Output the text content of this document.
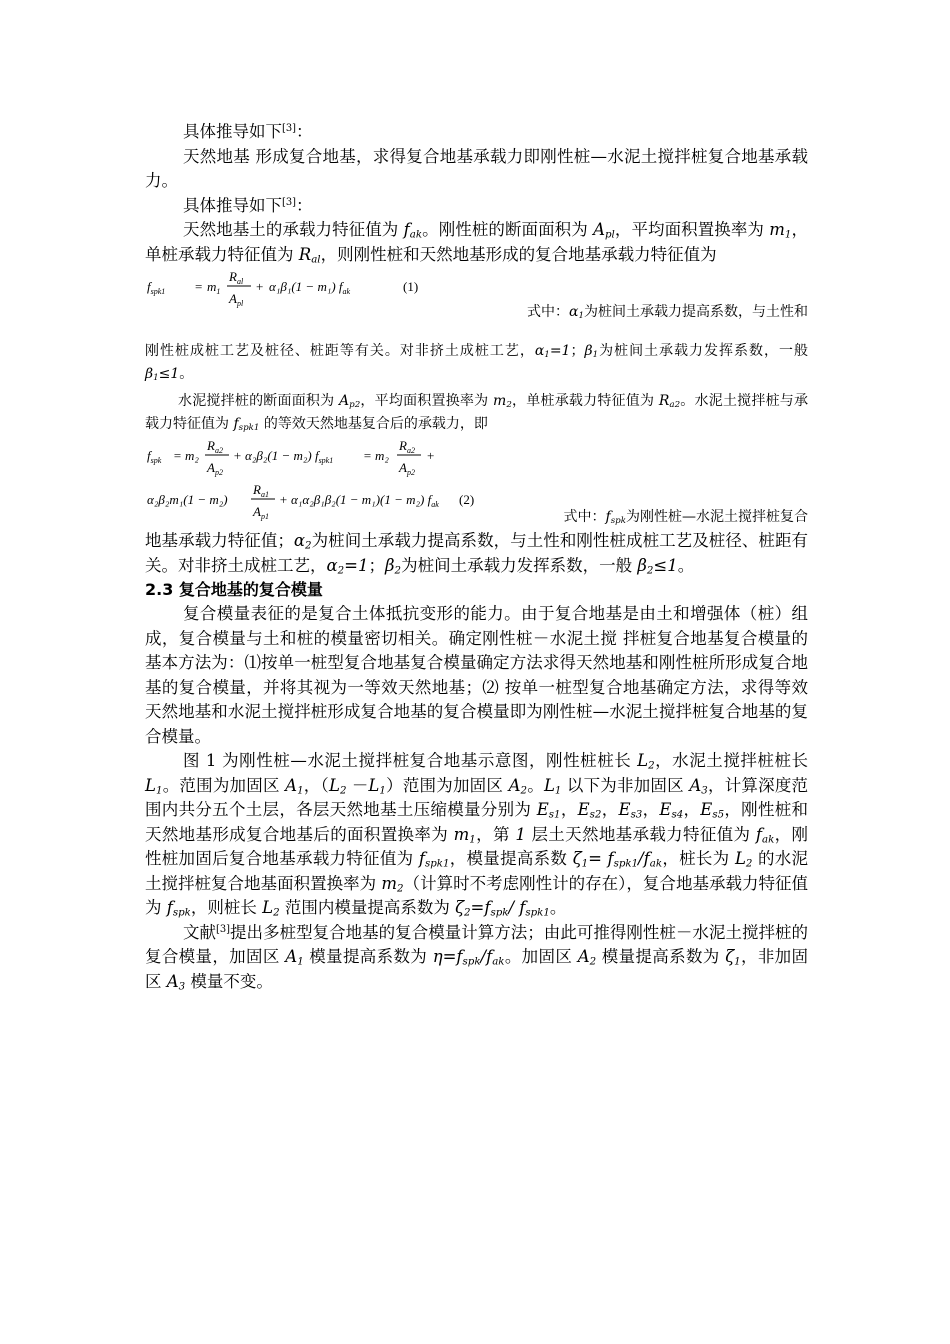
具体推导如下[3]：

天然地基 形成复合地基，求得复合地基承载力即刚性桩—水泥土搅拌桩复合地基承载力。

具体推导如下[3]：

天然地基土的承载力特征值为 $f_{ak}$。刚性桩的断面面积为 $A_{pl}$，平均面积置换率为 $m_1$，单桩承载力特征值为 $R_{al}$，则刚性桩和天然地基形成的复合地基承载力特征值为

$f_{spk1} = m_1$
$R_{al}$
$A_{pl}$
+ α₁β₁(1 − m₁) $f_{ak}$	(1)

式中：$\alpha_1$为桩间土承载力提高系数，与土性和

刚性桩成桩工艺及桩径、桩距等有关。对非挤土成桩工艺，$\alpha_1=1$；$\beta_1$为桩间土承载力发挥系数，一般 $\beta_1\le 1$。

水泥搅拌桩的断面面积为 $A_{p2}$，平均面积置换率为 $m_2$，单桩承载力特征值为 $R_{a2}$。水泥土搅拌桩与承载力特征值为 $f_{spk1}$ 的等效天然地基复合后的承载力，即

$f_{spk} = m_2$
$R_{a2}$
$A_{p2}$
+ α₂β₂(1 − m₂) $f_{spk1} = m_2$
$R_{a2}$
$A_{p2}$
+
α₂β₂m₁(1 − m₂)
$R_{a1}$
$A_{p1}$
+ α₁α₂β₁β₂(1 − m₁)(1 − m₂) $f_{ak}$ (2)

式中：$f_{spk}$为刚性桩—水泥土搅拌桩复合

地基承载力特征值；$\alpha_2$为桩间土承载力提高系数，与土性和刚性桩成桩工艺及桩径、桩距有关。对非挤土成桩工艺，$\alpha_2=1$；$\beta_2$为桩间土承载力发挥系数，一般 $\beta_2\le 1$。

2.3 复合地基的复合模量

复合模量表征的是复合土体抵抗变形的能力。由于复合地基是由土和增强体（桩）组成，复合模量与土和桩的模量密切相关。确定刚性桩－水泥土搅 拌桩复合地基复合模量的基本方法为：⑴按单一桩型复合地基复合模量确定方法求得天然地基和刚性桩所形成复合地基的复合模量，并将其视为一等效天然地基；⑵ 按单一桩型复合地基确定方法，求得等效天然地基和水泥土搅拌桩形成复合地基的复合模量即为刚性桩—水泥土搅拌桩复合地基的复合模量。

图 1 为刚性桩—水泥土搅拌桩复合地基示意图，刚性桩桩长 $L_2$，水泥土搅拌桩桩长 $L_1$。范围为加固区 $A_1$，$(L_2 -L_1)$范围为加固区 $A_2$。$L_1$ 以下为非加固区 $A_3$，计算深度范围内共分五个土层，各层天然地基土压缩模量分别为 $E_{s1}$，$E_{s2}$，$E_{s3}$，$E_{s4}$，$E_{s5}$，刚性桩和天然地基形成复合地基后的面积置换率为 $m_1$，第 1 层土天然地基承载力特征值为 $f_{ak}$，刚性桩加固后复合地基承载力特征值为 $f_{spk1}$，模量提高系数 $\zeta_1= f_{spk1}/f_{ak}$，桩长为 $L_2$ 的水泥土搅拌桩复合地基面积置换率为 $m_2$（计算时不考虑刚性计的存在），复合地基承载力特征值为 $f_{spk}$，则桩长 $L_2$ 范围内模量提高系数为 $\zeta_2=f_{spk}/$ $f_{spk1}$。

文献[3]提出多桩型复合地基的复合模量计算方法；由此可推得刚性桩－水泥土搅拌桩的复合模量，加固区 $A_1$ 模量提高系数为 $\eta=f_{spk}/f_{ak}$。加固区 $A_2$ 模量提高系数为 $\zeta_1$，非加固区 $A_3$ 模量不变。
